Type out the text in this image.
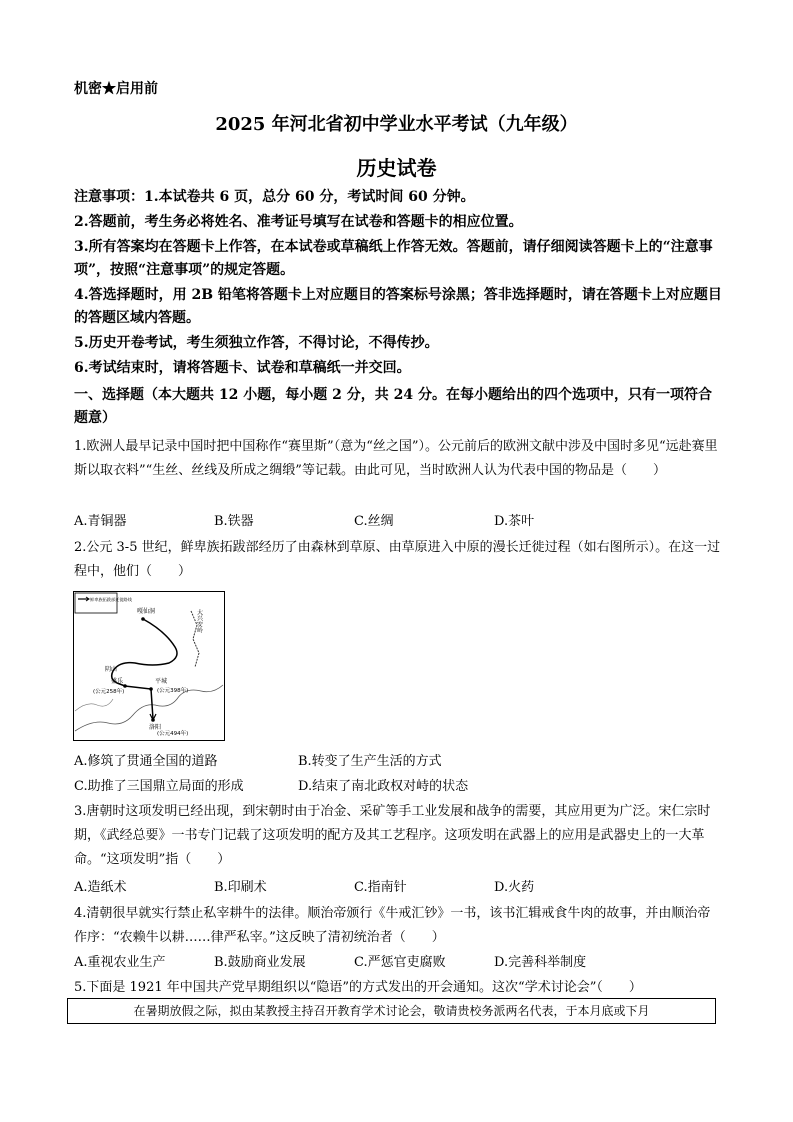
机密★启用前
2025 年河北省初中学业水平考试（九年级）
历史试卷

注意事项：1.本试卷共 6 页，总分 60 分，考试时间 60 分钟。

2.答题前，考生务必将姓名、准考证号填写在试卷和答题卡的相应位置。

3.所有答案均在答题卡上作答，在本试卷或草稿纸上作答无效。答题前，请仔细阅读答题卡上的“注意事项”，按照“注意事项”的规定答题。

4.答选择题时，用 2B 铅笔将答题卡上对应题目的答案标号涂黑；答非选择题时，请在答题卡上对应题目的答题区域内答题。

5.历史开卷考试，考生须独立作答，不得讨论，不得传抄。

6.考试结束时，请将答题卡、试卷和草稿纸一并交回。

一、选择题（本大题共 12 小题，每小题 2 分，共 24 分。在每小题给出的四个选项中，只有一项符合题意）

1.欧洲人最早记录中国时把中国称作“赛里斯”（意为“丝之国”）。公元前后的欧洲文献中涉及中国时多见“远赴赛里斯以取衣料”“生丝、丝线及所成之绸缎”等记载。由此可见，当时欧洲人认为代表中国的物品是（　　）

A.青铜器	B.铁器	C.丝绸	D.茶叶

2.公元 3-5 世纪，鲜卑族拓跋部经历了由森林到草原、由草原进入中原的漫长迁徙过程（如右图所示）。在这一过程中，他们（　　）

鲜卑族拓跋部迁徙路线
嘎仙洞	大兴安岭
阴山
盛乐
(公元258年)
平城
(公元398年)
洛阳
(公元494年)
A.修筑了贯通全国的道路	B.转变了生产生活的方式
C.助推了三国鼎立局面的形成	D.结束了南北政权对峙的状态

3.唐朝时这项发明已经出现，到宋朝时由于冶金、采矿等手工业发展和战争的需要，其应用更为广泛。宋仁宗时期，《武经总要》一书专门记载了这项发明的配方及其工艺程序。这项发明在武器上的应用是武器史上的一大革命。“这项发明”指（　　）

A.造纸术	B.印刷术	C.指南针	D.火药

4.清朝很早就实行禁止私宰耕牛的法律。顺治帝颁行《牛戒汇钞》一书，该书汇辑戒食牛肉的故事，并由顺治帝作序：“农赖牛以耕……律严私宰。”这反映了清初统治者（　　）

A.重视农业生产	B.鼓励商业发展	C.严惩官吏腐败	D.完善科举制度

5.下面是 1921 年中国共产党早期组织以“隐语”的方式发出的开会通知。这次“学术讨论会”（　　）

在暑期放假之际，拟由某教授主持召开教育学术讨论会，敬请贵校务派两名代表，于本月底或下月
